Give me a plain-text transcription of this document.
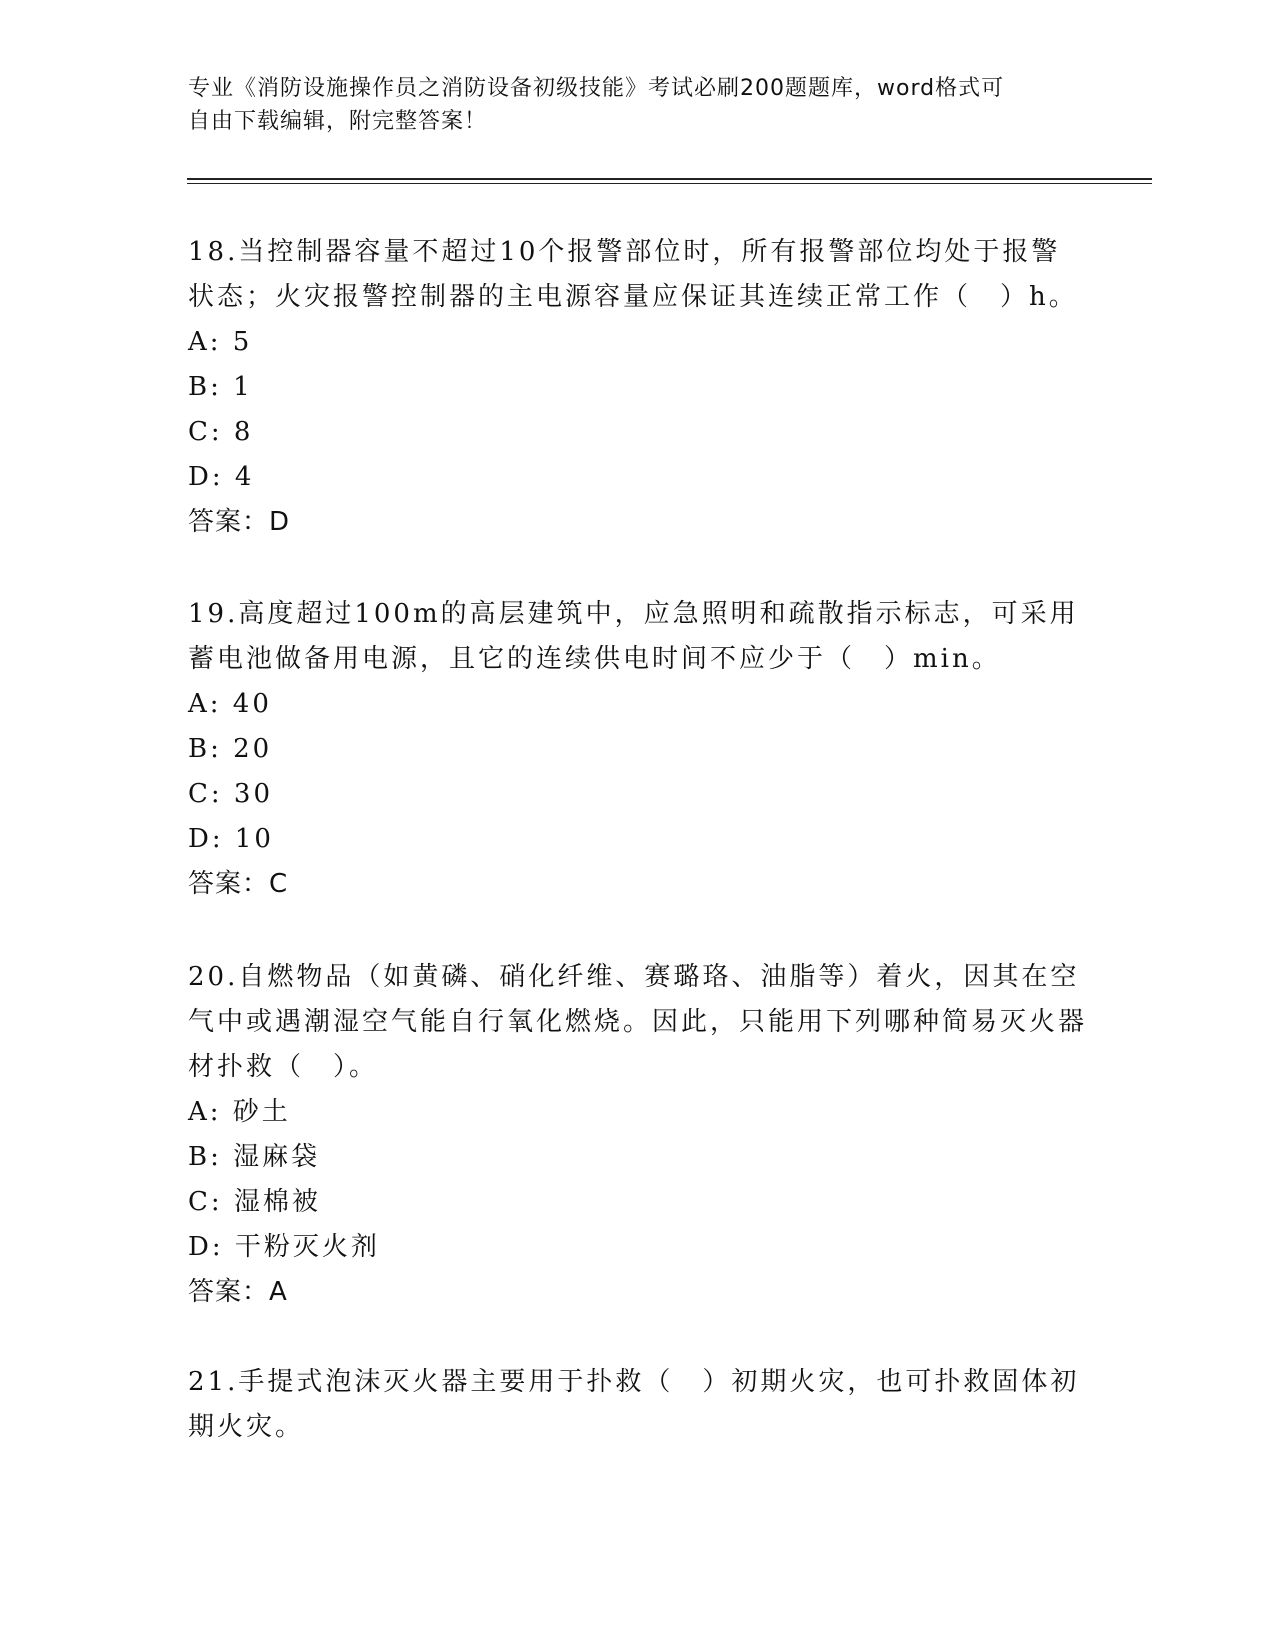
专业《消防设施操作员之消防设备初级技能》考试必刷200题题库，word格式可
自由下载编辑，附完整答案！

18.当控制器容量不超过10个报警部位时，所有报警部位均处于报警状态；火灾报警控制器的主电源容量应保证其连续正常工作（　）h。

A: 5

B: 1

C: 8

D: 4

答案：D

19.高度超过100m的高层建筑中，应急照明和疏散指示标志，可采用蓄电池做备用电源，且它的连续供电时间不应少于（　）min。

A: 40

B: 20

C: 30

D: 10

答案：C

20.自燃物品（如黄磷、硝化纤维、赛璐珞、油脂等）着火，因其在空气中或遇潮湿空气能自行氧化燃烧。因此，只能用下列哪种简易灭火器材扑救（　）。

A: 砂土

B: 湿麻袋

C: 湿棉被

D: 干粉灭火剂

答案：A

21.手提式泡沫灭火器主要用于扑救（　）初期火灾，也可扑救固体初期火灾。
